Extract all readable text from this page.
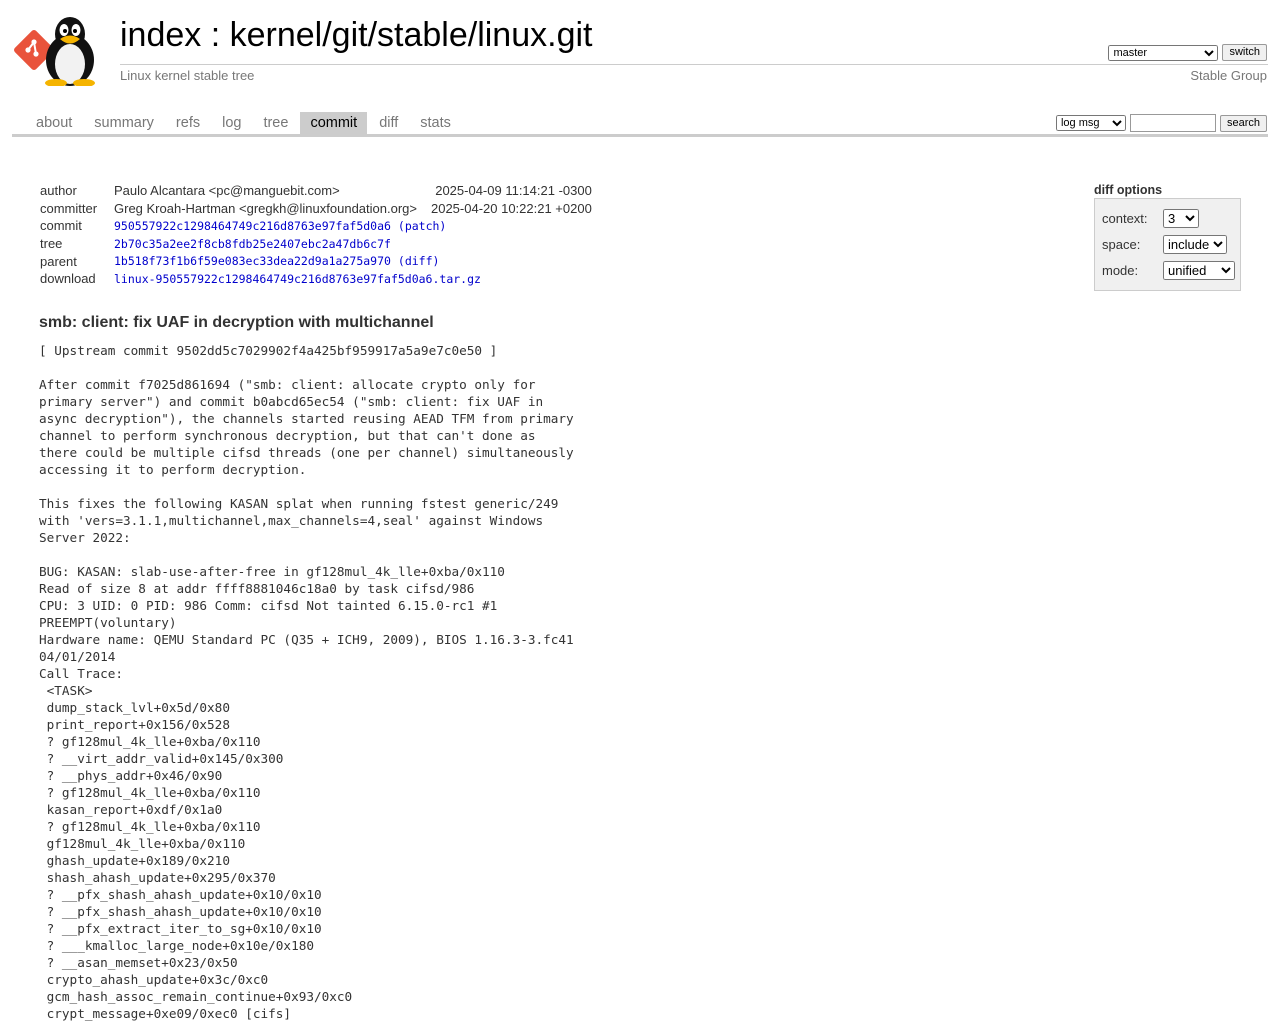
index : kernel/git/stable/linux.git
Linux kernel stable tree	Stable Group
master
switch
about summary refs log tree commit diff stats
log msg	search
author	Paulo Alcantara <pc@manguebit.com>	2025-04-09 11:14:21 -0300
committer	Greg Kroah-Hartman <gregkh@linuxfoundation.org>	2025-04-20 10:22:21 +0200
commit	950557922c1298464749c216d8763e97faf5d0a6 (patch)	
tree	2b70c35a2ee2f8cb8fdb25e2407ebc2a47db6c7f	
parent	1b518f73f1b6f59e083ec33dea22d9a1a275a970 (diff)	
download	linux-950557922c1298464749c216d8763e97faf5d0a6.tar.gz	
diff options
context:
3
space:
include
mode:
unified
smb: client: fix UAF in decryption with multichannel
[ Upstream commit 9502dd5c7029902f4a425bf959917a5a9e7c0e50 ]

After commit f7025d861694 ("smb: client: allocate crypto only for
primary server") and commit b0abcd65ec54 ("smb: client: fix UAF in
async decryption"), the channels started reusing AEAD TFM from primary
channel to perform synchronous decryption, but that can't done as
there could be multiple cifsd threads (one per channel) simultaneously
accessing it to perform decryption.

This fixes the following KASAN splat when running fstest generic/249
with 'vers=3.1.1,multichannel,max_channels=4,seal' against Windows
Server 2022:

BUG: KASAN: slab-use-after-free in gf128mul_4k_lle+0xba/0x110
Read of size 8 at addr ffff8881046c18a0 by task cifsd/986
CPU: 3 UID: 0 PID: 986 Comm: cifsd Not tainted 6.15.0-rc1 #1
PREEMPT(voluntary)
Hardware name: QEMU Standard PC (Q35 + ICH9, 2009), BIOS 1.16.3-3.fc41
04/01/2014
Call Trace:
<TASK>
dump_stack_lvl+0x5d/0x80
print_report+0x156/0x528
? gf128mul_4k_lle+0xba/0x110
? __virt_addr_valid+0x145/0x300
? __phys_addr+0x46/0x90
? gf128mul_4k_lle+0xba/0x110
kasan_report+0xdf/0x1a0
? gf128mul_4k_lle+0xba/0x110
gf128mul_4k_lle+0xba/0x110
ghash_update+0x189/0x210
shash_ahash_update+0x295/0x370
? __pfx_shash_ahash_update+0x10/0x10
? __pfx_shash_ahash_update+0x10/0x10
? __pfx_extract_iter_to_sg+0x10/0x10
? ___kmalloc_large_node+0x10e/0x180
? __asan_memset+0x23/0x50
crypto_ahash_update+0x3c/0xc0
gcm_hash_assoc_remain_continue+0x93/0xc0
crypt_message+0xe09/0xec0 [cifs]
